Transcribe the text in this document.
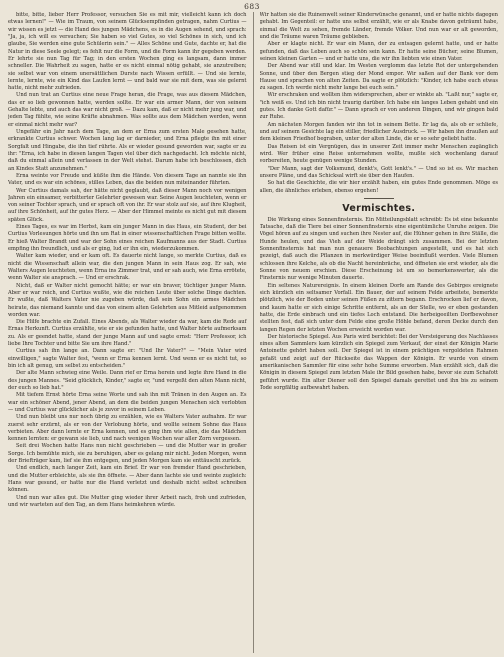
683

bitte, bitte, lieber Herr Professor, versuchen Sie es mit mir, vielleicht kann ich doch etwas lernen!" — Wie im Traum, von seinem Glücksempfinden getragen, nahm Curtius — wir wissen es jetzt — die Hand des jungen Mädchens, es in die Augen sehend, und sprach: "Ja, ja, ich will es versuchen; Sie haben so viel Gutes, so viel Schönes in sich, und ich glaube, Sie werden eine gute Schülerin sein." — Alles Schöne und Gute, dachte er, hat die Natur in diese Seele gelegt; es fehlt nur die Form, und die Form kann ihr gegeben werden. Er lehrte sie nun Tag für Tag; in den ersten Wochen ging es langsam, dann immer schneller. Die Wahrheit zu sagen, hatte er es nicht einmal nötig gehabt, sie anzutreiben; sie selbst war von einem unersättlichen Durste nach Wissen erfüllt. — Und sie lernte, lernte, lernte, wie ein Kind das Laufen lernt — und bald war sie mit dem, was sie gelernt hatte, nicht mehr zufrieden.

Und nun trat an Curtius eine neue Frage heran, die Frage, was aus diesem Mädchen, das er so lieb gewonnen hatte, werden sollte. Er war ein armer Mann, der von seinem Gehalte lebte, und auch das war nicht groß. — Dazu kam, daß er nicht mehr jung war, und jeden Tag fühlte, wie seine Kräfte abnahmen. Was sollte aus dem Mädchen werden, wenn er einmal nicht mehr war?

Ungefähr ein Jahr nach dem Tage, an dem er Erna zum ersten Male gesehen hatte, erkrankte Curtius schwer. Wochen lang lag er darnieder, und Erna pflegte ihn mit einer Sorgfalt und Hingabe, die ihn tief rührte. Als er wieder gesund geworden war, sagte er zu ihr: "Erna, ich habe in diesen langen Tagen viel über dich nachgedacht. Ich möchte nicht, daß du einmal allein und verlassen in der Welt stehst. Darum habe ich beschlossen, dich an Kindes Statt anzunehmen."

Erna weinte vor Freude und küßte ihm die Hände. Von diesem Tage an nannte sie ihn Vater, und es war ein schönes, stilles Leben, das die beiden nun miteinander führten.

Wer Curtius damals sah, der hätte nicht geglaubt, daß dieser Mann noch vor wenigen Jahren ein einsamer, verbitterter Gelehrter gewesen war. Seine Augen leuchteten, wenn er von seiner Tochter sprach, und er sprach oft von ihr. Er war stolz auf sie, auf ihre Klugheit, auf ihre Schönheit, auf ihr gutes Herz. — Aber der Himmel meinte es nicht gut mit diesem späten Glück.

Eines Tages, es war im Herbst, kam ein junger Mann in das Haus, ein Student, der bei Curtius Vorlesungen hörte und ihn um Rat in einer wissenschaftlichen Frage bitten wollte. Er hieß Walter Brandt und war der Sohn eines reichen Kaufmanns aus der Stadt. Curtius empfing ihn freundlich, und als er ging, lud er ihn ein, wiederzukommen.

Walter kam wieder, und er kam oft. Es dauerte nicht lange, so merkte Curtius, daß es nicht die Wissenschaft allein war, die den jungen Mann in sein Haus zog. Er sah, wie Walters Augen leuchteten, wenn Erna ins Zimmer trat, und er sah auch, wie Erna errötete, wenn Walter sie ansprach. — Und er erschrak.

Nicht, daß er Walter nicht gemocht hätte; er war ein braver, tüchtiger junger Mann. Aber er war reich, und Curtius wußte, wie die reichen Leute über solche Dinge dachten. Er wußte, daß Walters Vater nie zugeben würde, daß sein Sohn ein armes Mädchen heirate, das niemand kannte und das von einem alten Gelehrten aus Mitleid aufgenommen worden war.

Die Hilfe brachte ein Zufall. Eines Abends, als Walter wieder da war, kam die Rede auf Ernas Herkunft. Curtius erzählte, wie er sie gefunden hatte, und Walter hörte aufmerksam zu. Als er geendet hatte, stand der junge Mann auf und sagte ernst: "Herr Professor, ich liebe Ihre Tochter und bitte Sie um ihre Hand."

Curtius sah ihn lange an. Dann sagte er: "Und Ihr Vater?" — "Mein Vater wird einwilligen," sagte Walter fest, "wenn er Erna kennen lernt. Und wenn er es nicht tut, so bin ich alt genug, um selbst zu entscheiden."

Der alte Mann schwieg eine Weile. Dann rief er Erna herein und legte ihre Hand in die des jungen Mannes. "Seid glücklich, Kinder," sagte er, "und vergeßt den alten Mann nicht, der euch so lieb hat."

Mit tiefem Ernst hörte Erna seine Worte und sah ihn mit Tränen in den Augen an. Es war ein schöner Abend, jener Abend, an dem die beiden jungen Menschen sich verlobten — und Curtius war glücklicher als je zuvor in seinem Leben.

Und nun bleibt uns nur noch übrig zu erzählen, wie es Walters Vater aufnahm. Er war zuerst sehr erzürnt, als er von der Verlobung hörte, und wollte seinem Sohne das Haus verbieten. Aber dann lernte er Erna kennen, und es ging ihm wie allen, die das Mädchen kennen lernten: er gewann sie lieb, und nach wenigen Wochen war aller Zorn vergessen.

Seit drei Wochen hatte Hans nun nicht geschrieben — und die Mutter war in großer Sorge. Ich bemühte mich, sie zu beruhigen, aber es gelang mir nicht. Jeden Morgen, wenn der Briefträger kam, lief sie ihm entgegen, und jeden Morgen kam sie enttäuscht zurück.

Und endlich, nach langer Zeit, kam ein Brief. Er war von fremder Hand geschrieben, und die Mutter erbleichte, als sie ihn öffnete. — Aber dann lachte sie und weinte zugleich: Hans war gesund, er hatte nur die Hand verletzt und deshalb nicht selbst schreiben können.

Und nun war alles gut. Die Mutter ging wieder ihrer Arbeit nach, froh und zufrieden, und wir warteten auf den Tag, an dem Hans heimkehren würde.

Wir hatten sie die Ruinenwelt seiner Kinderwünsche genannt, und er hatte nichts dagegen gehabt. Im Gegenteil: er hatte uns selbst erzählt, wie er als Knabe davon geträumt habe, einmal die Welt zu sehen, fremde Länder, fremde Völker. Und nun war er alt geworden, und die Träume waren Träume geblieben.

Aber er klagte nicht. Er war ein Mann, der zu entsagen gelernt hatte, und er hatte gefunden, daß das Leben auch so schön sein kann. Er hatte seine Bücher, seine Blumen, seinen kleinen Garten — und er hatte uns, die wir ihn liebten wie einen Vater.

Der Abend war still und klar. Im Westen verglomm das letzte Rot der untergehenden Sonne, und über den Bergen stieg der Mond empor. Wir saßen auf der Bank vor dem Hause und sprachen von alten Zeiten. Da sagte er plötzlich: "Kinder, ich habe euch etwas zu sagen. Ich werde nicht mehr lange bei euch sein."

Wir erschraken und wollten ihm widersprechen, aber er winkte ab. "Laßt nur," sagte er, "ich weiß es. Und ich bin nicht traurig darüber. Ich habe ein langes Leben gehabt und ein gutes. Ich danke Gott dafür." — Dann sprach er von anderen Dingen, und wir gingen bald zur Ruhe.

Am nächsten Morgen fanden wir ihn tot in seinem Bette. Er lag da, als ob er schliefe, und auf seinem Gesichte lag ein stiller, friedlicher Ausdruck. — Wir haben ihn draußen auf dem kleinen Friedhof begraben, unter der alten Linde, die er so sehr geliebt hatte.

Das Reisen ist ein Vergnügen, das in unserer Zeit immer mehr Menschen zugänglich wird. Wer früher eine Reise unternehmen wollte, mußte sich wochenlang darauf vorbereiten, heute genügen wenige Stunden.

"Der Mann, sagt der Volksmund, denkt's, Gott lenkt's." — Und so ist es. Wir machen unsere Pläne, und das Schicksal wirft sie über den Haufen.

So hat die Geschichte, die wir hier erzählt haben, ein gutes Ende genommen. Möge es allen, die ähnliches erleben, ebenso ergehen!

Vermischtes.

Die Wirkung eines Sonnenfinsternis. Ein Mitteilungsblatt schreibt: Es ist eine bekannte Tatsache, daß die Tiere bei einer Sonnenfinsternis eine eigentümliche Unruhe zeigen. Die Vögel hören auf zu singen und suchen ihre Nester auf, die Hühner gehen in ihre Ställe, die Hunde heulen, und das Vieh auf der Weide drängt sich zusammen. Bei der letzten Sonnenfinsternis hat man nun genauere Beobachtungen angestellt, und es hat sich gezeigt, daß auch die Pflanzen in merkwürdiger Weise beeinflußt werden. Viele Blumen schlossen ihre Kelche, als ob die Nacht hereinbräche, und öffneten sie erst wieder, als die Sonne von neuem erschien. Diese Erscheinung ist um so bemerkenswerter, als die Finsternis nur wenige Minuten dauerte.

Ein seltenes Naturereignis. In einem kleinen Dorfe am Rande des Gebirges ereignete sich kürzlich ein seltsamer Vorfall. Ein Bauer, der auf seinem Felde arbeitete, bemerkte plötzlich, wie der Boden unter seinen Füßen zu zittern begann. Erschrocken lief er davon, und kaum hatte er sich einige Schritte entfernt, als an der Stelle, wo er eben gestanden hatte, die Erde einbrach und ein tiefes Loch entstand. Die herbeigeeilten Dorfbewohner stellten fest, daß sich unter dem Felde eine große Höhle befand, deren Decke durch den langen Regen der letzten Wochen erweicht worden war.

Der historische Spiegel. Aus Paris wird berichtet: Bei der Versteigerung des Nachlasses eines alten Sammlers kam kürzlich ein Spiegel zum Verkauf, der einst der Königin Marie Antoinette gehört haben soll. Der Spiegel ist in einem prächtigen vergoldeten Rahmen gefaßt und zeigt auf der Rückseite das Wappen der Königin. Er wurde von einem amerikanischen Sammler für eine sehr hohe Summe erworben. Man erzählt sich, daß die Königin in diesem Spiegel zum letzten Male ihr Bild gesehen habe, bevor sie zum Schafott geführt wurde. Ein alter Diener soll den Spiegel damals gerettet und ihn bis zu seinem Tode sorgfältig aufbewahrt haben.
